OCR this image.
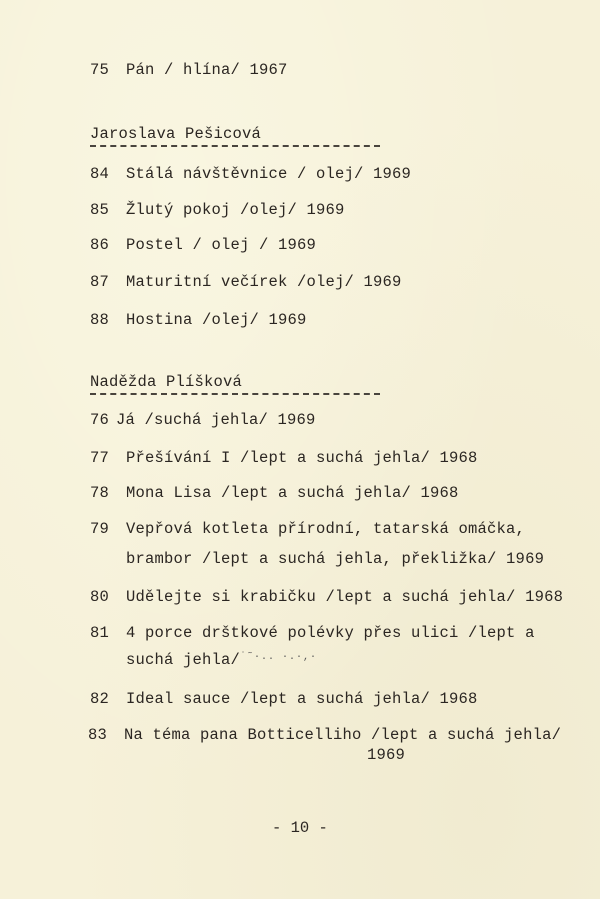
75 Pán / hlína/ 1967
Jaroslava Pešicová
84 Stálá návštěvnice / olej/ 1969
85 Žlutý pokoj /olej/ 1969
86 Postel / olej / 1969
87 Maturitní večírek /olej/ 1969
88 Hostina /olej/ 1969
Naděžda Plíšková
76 Já /suchá jehla/ 1969
77 Přešívání I /lept a suchá jehla/ 1968
78 Mona Lisa /lept a suchá jehla/ 1968
79 Vepřová kotleta přírodní, tatarská omáčka,
brambor /lept a suchá jehla, překližka/ 1969
80 Udělejte si krabičku /lept a suchá jehla/ 1968
81 4 porce drštkové polévky přes ulici /lept a
suchá jehla/ ˙˜·.. ·.·,·
82 Ideal sauce /lept a suchá jehla/ 1968
83 Na téma pana Botticelliho /lept a suchá jehla/
1969
- 10 -
